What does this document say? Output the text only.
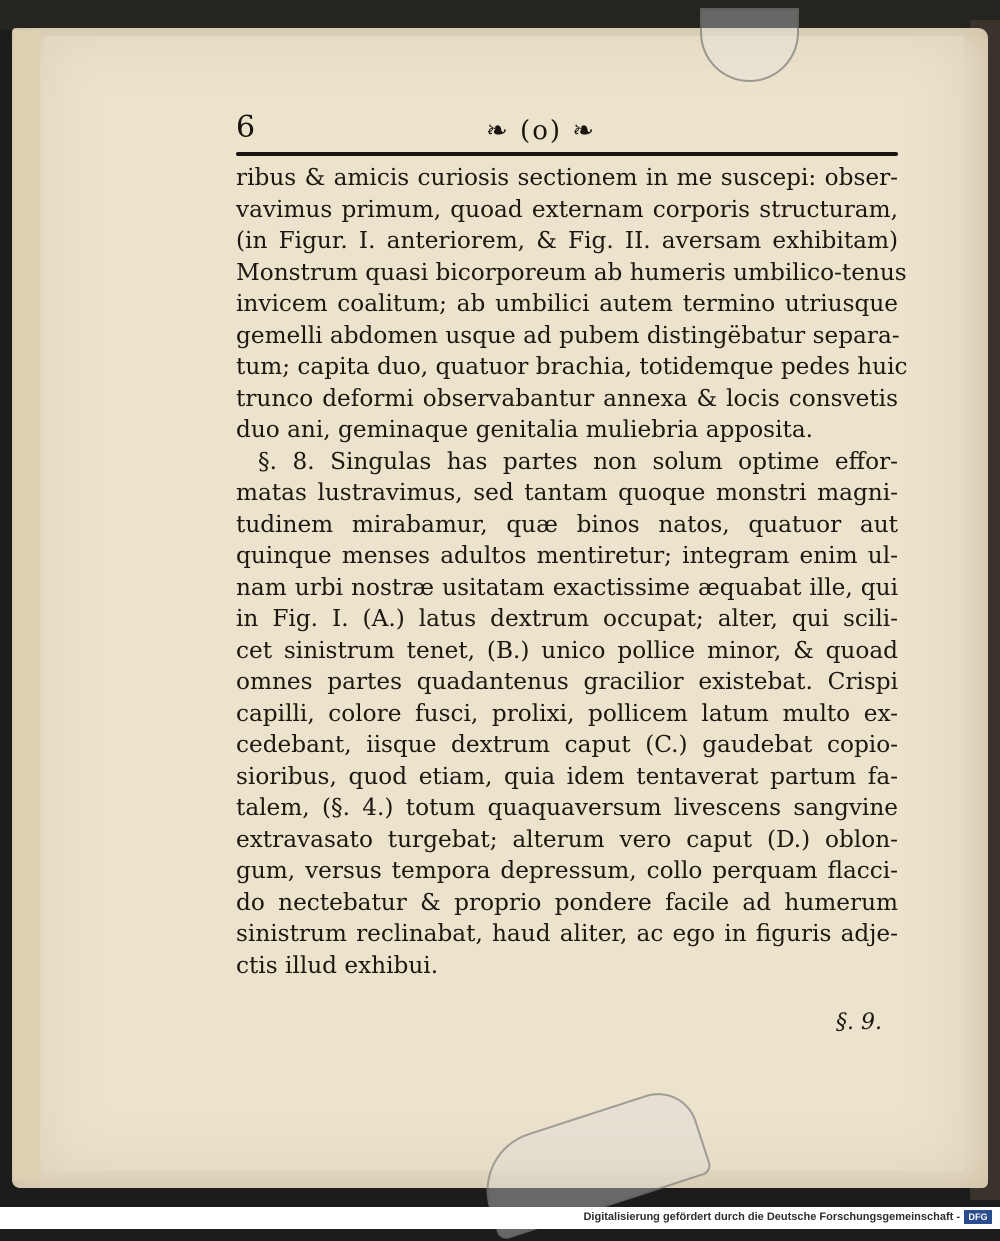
6	❧ (o) ❧
ribus & amicis curiosis sectionem in me suscepi: obser-
vavimus primum, quoad externam corporis structuram,
(in Figur. I. anteriorem, & Fig. II. aversam exhibitam)
Monstrum quasi bicorporeum ab humeris umbilico-tenus
invicem coalitum; ab umbilici autem termino utriusque
gemelli abdomen usque ad pubem distingëbatur separa-
tum; capita duo, quatuor brachia, totidemque pedes huic
trunco deformi observabantur annexa & locis consvetis
duo ani, geminaque genitalia muliebria apposita.
§. 8. Singulas has partes non solum optime effor-
matas lustravimus, sed tantam quoque monstri magni-
tudinem mirabamur, quæ binos natos, quatuor aut
quinque menses adultos mentiretur; integram enim ul-
nam urbi nostræ usitatam exactissime æquabat ille, qui
in Fig. I. (A.) latus dextrum occupat; alter, qui scili-
cet sinistrum tenet, (B.) unico pollice minor, & quoad
omnes partes quadantenus gracilior existebat. Crispi
capilli, colore fusci, prolixi, pollicem latum multo ex-
cedebant, iisque dextrum caput (C.) gaudebat copio-
sioribus, quod etiam, quia idem tentaverat partum fa-
talem, (§. 4.) totum quaquaversum livescens sangvine
extravasato turgebat; alterum vero caput (D.) oblon-
gum, versus tempora depressum, collo perquam flacci-
do nectebatur & proprio pondere facile ad humerum
sinistrum reclinabat, haud aliter, ac ego in figuris adje-
ctis illud exhibui.
§. 9.
Digitalisierung gefördert durch die Deutsche Forschungsgemeinschaft - DFG
